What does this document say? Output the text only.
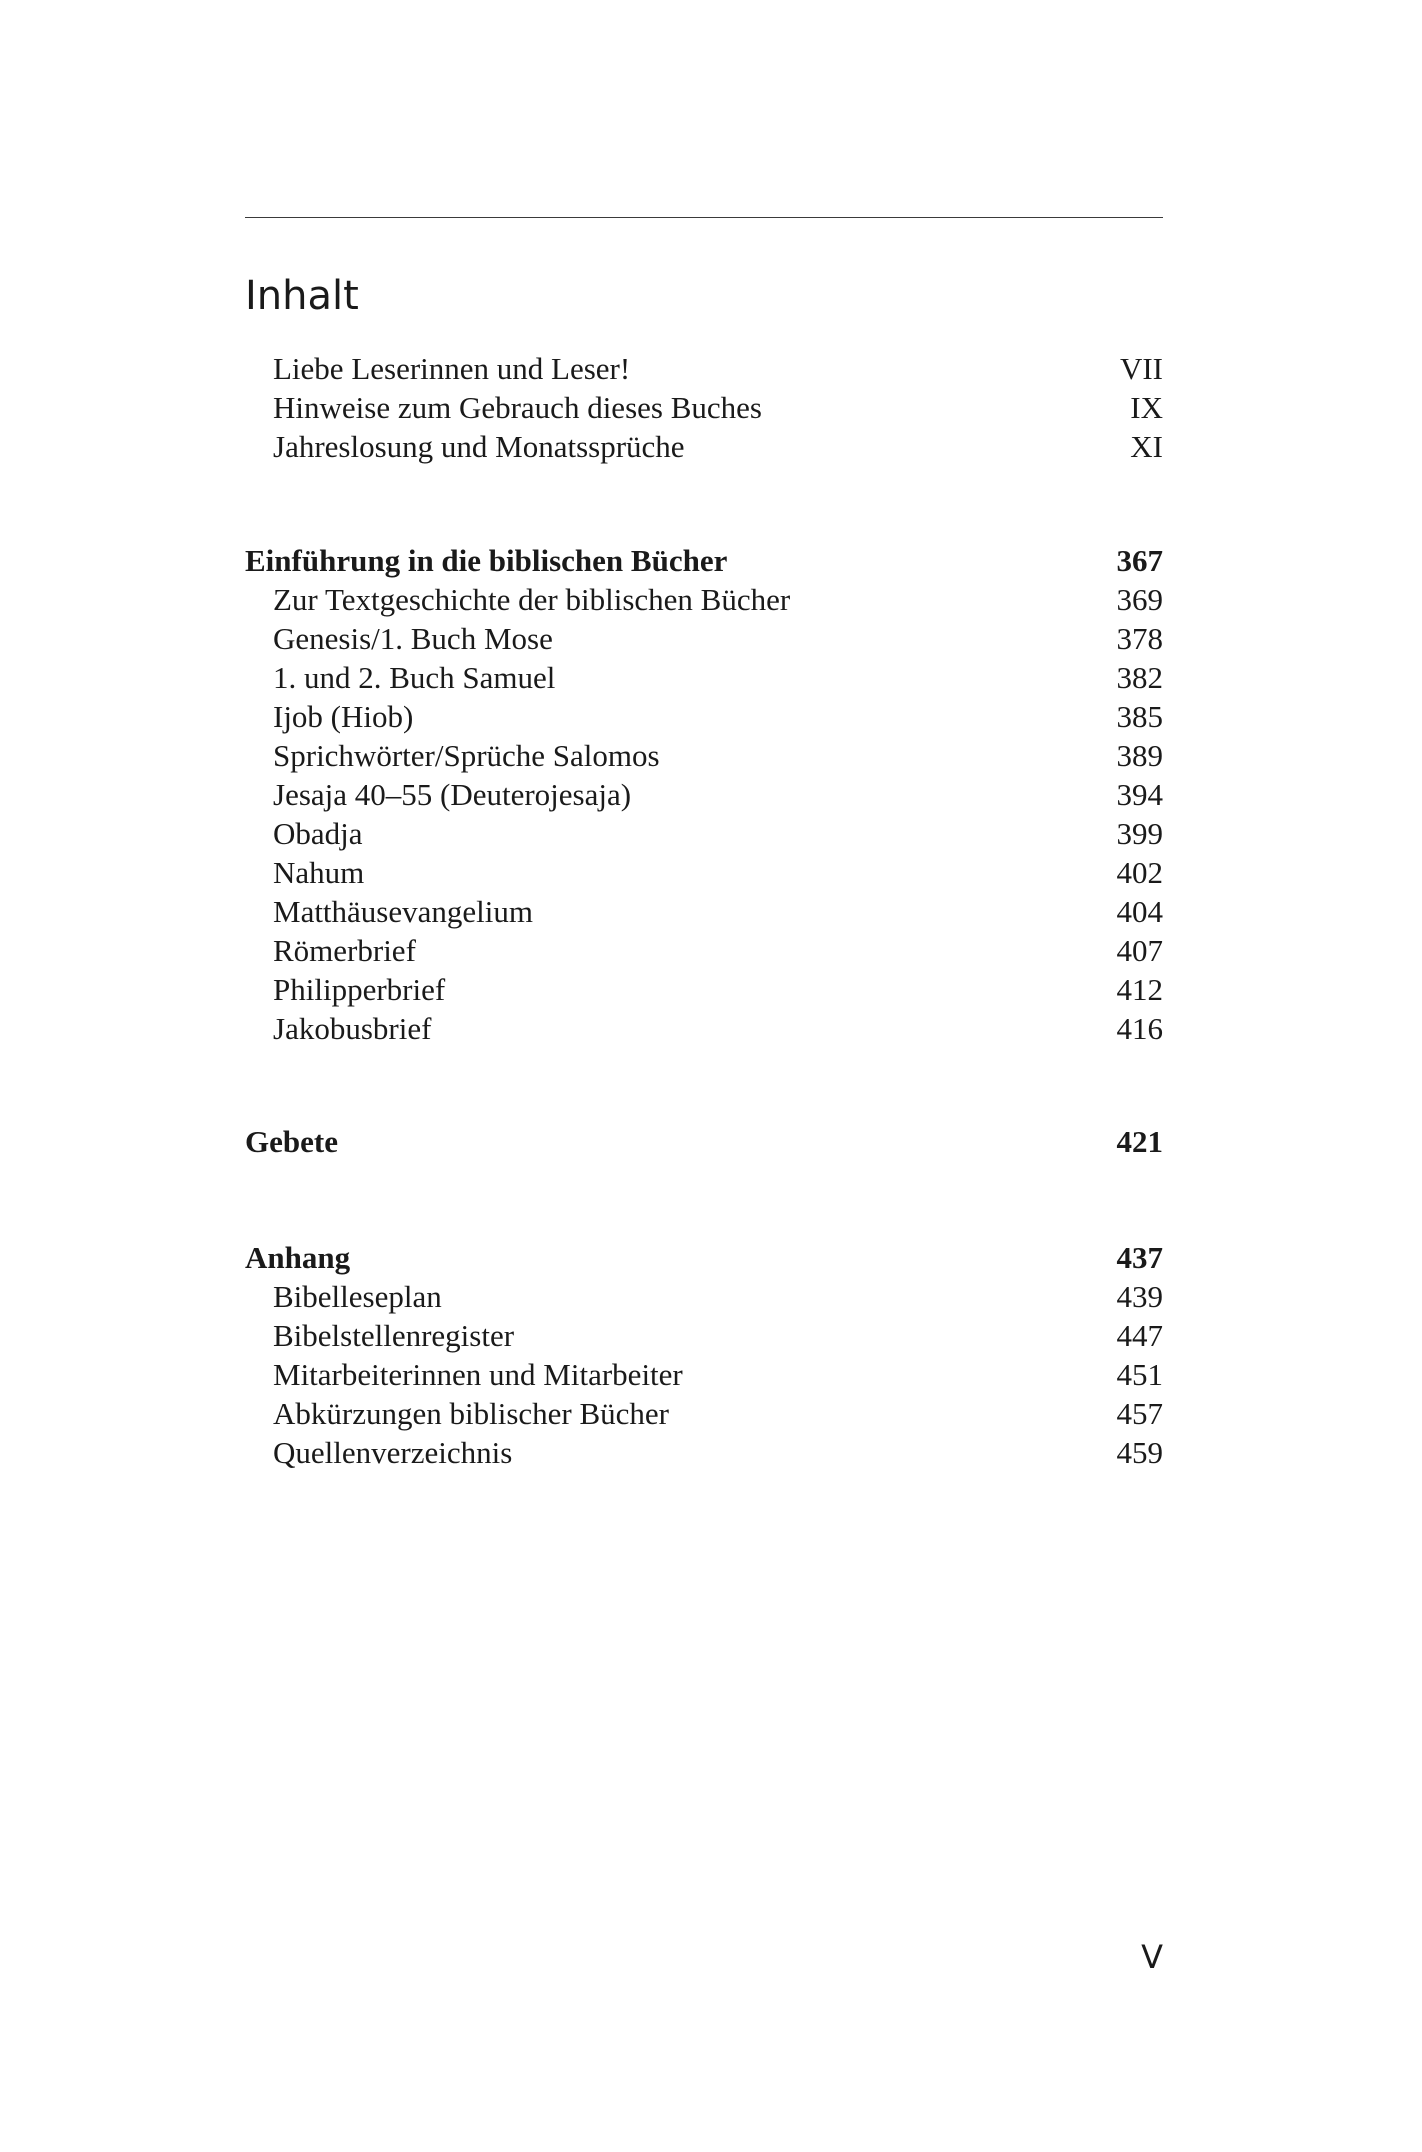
Inhalt
Liebe Leserinnen und Leser!	VII
Hinweise zum Gebrauch dieses Buches	IX
Jahreslosung und Monatssprüche	XI
Einführung in die biblischen Bücher	367
Zur Textgeschichte der biblischen Bücher	369
Genesis/1. Buch Mose	378
1. und 2. Buch Samuel	382
Ijob (Hiob)	385
Sprichwörter/Sprüche Salomos	389
Jesaja 40–55 (Deuterojesaja)	394
Obadja	399
Nahum	402
Matthäusevangelium	404
Römerbrief	407
Philipperbrief	412
Jakobusbrief	416
Gebete	421
Anhang	437
Bibelleseplan	439
Bibelstellenregister	447
Mitarbeiterinnen und Mitarbeiter	451
Abkürzungen biblischer Bücher	457
Quellenverzeichnis	459
V
